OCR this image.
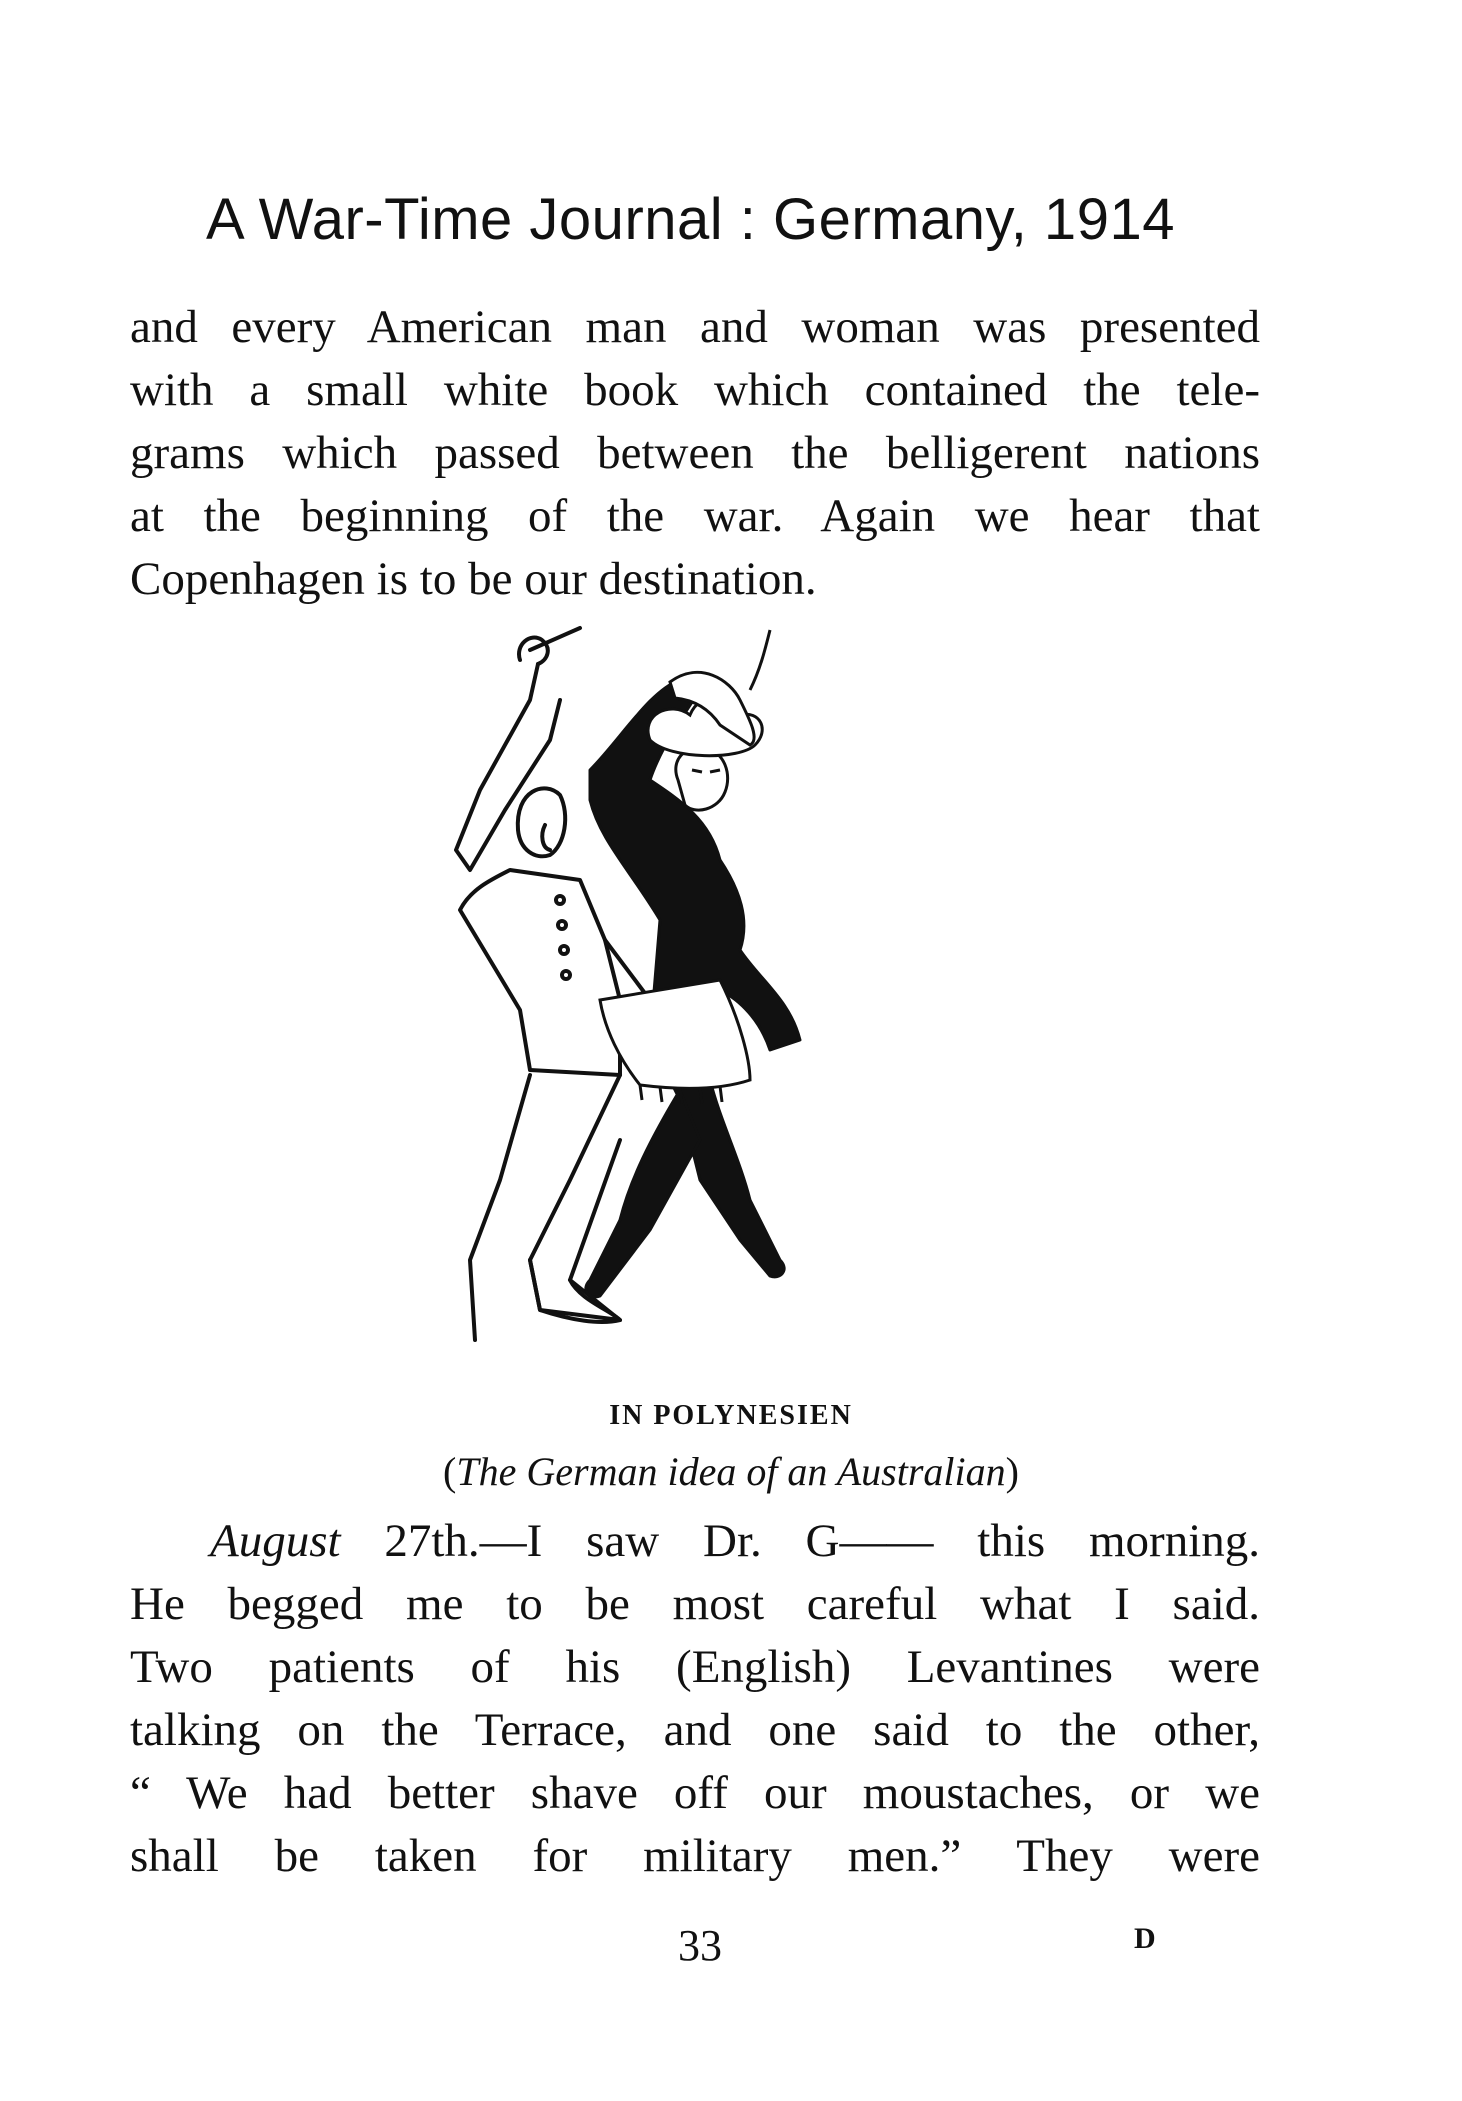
A War-Time Journal : Germany, 1914
and every American man and woman was presented
with a small white book which contained the tele-
grams which passed between the belligerent nations
at the beginning of the war. Again we hear that
Copenhagen is to be our destination.
IN POLYNESIEN
(The German idea of an Australian)
August 27th.—I saw Dr. G—— this morning.
He begged me to be most careful what I said.
Two patients of his (English) Levantines were
talking on the Terrace, and one said to the other,
“ We had better shave off our moustaches, or we
shall be taken for military men.” They were
33	D
